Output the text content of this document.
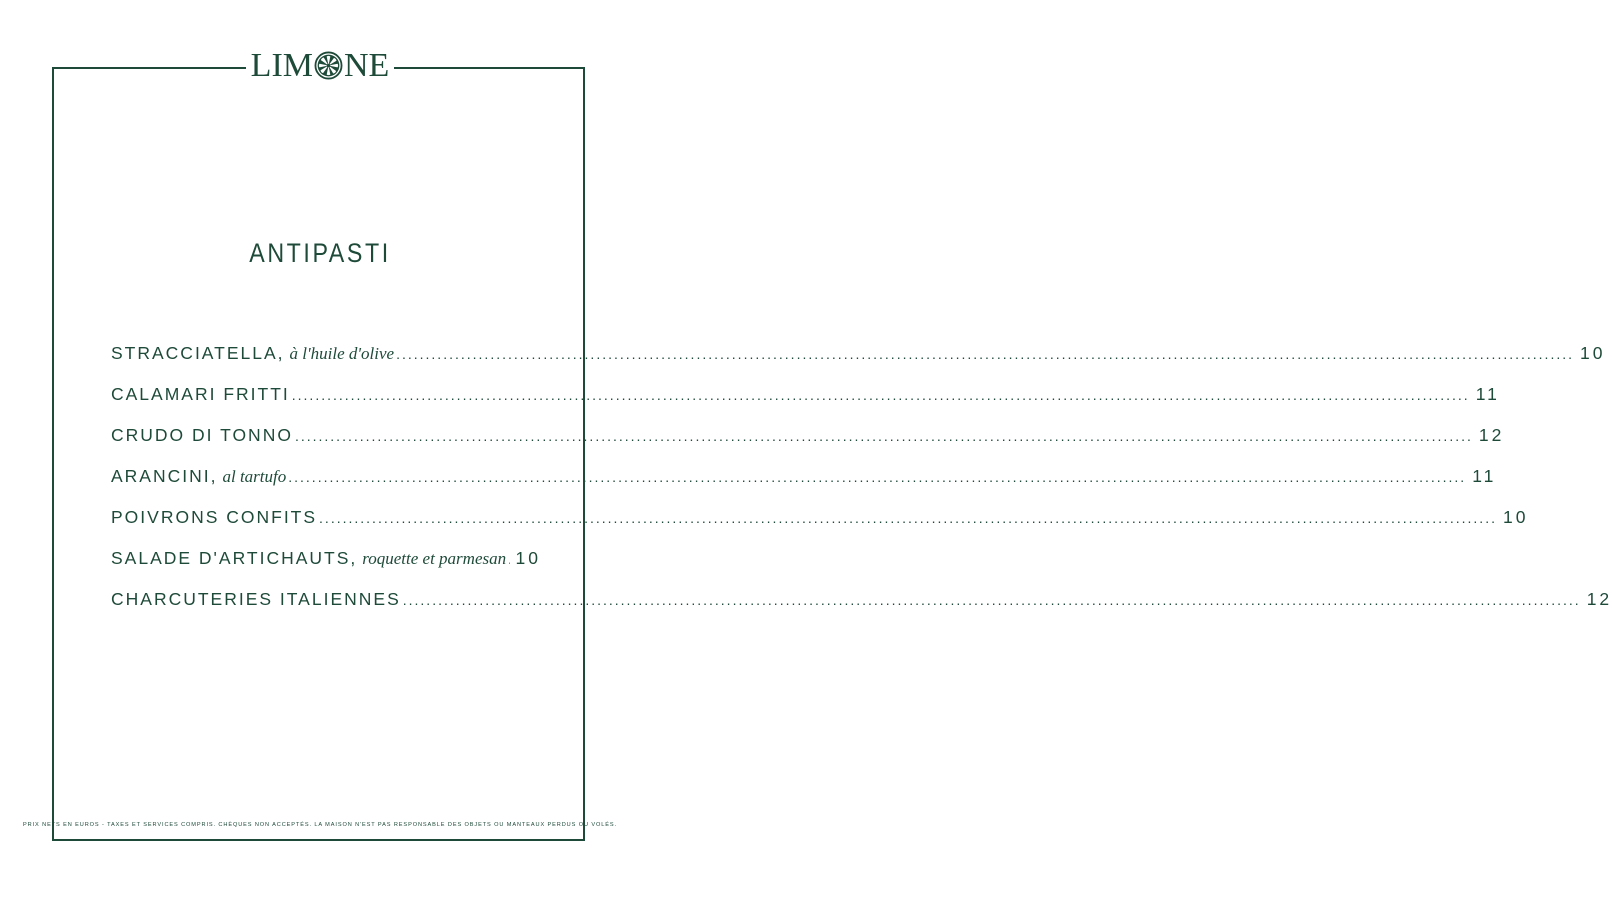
LIM NE
ANTIPASTI
STRACCIATELLA, à l'huile d'olive ........................................................................................................................................................................................................ 10
CALAMARI FRITTI ........................................................................................................................................................................................................ 11
CRUDO DI TONNO ........................................................................................................................................................................................................ 12
ARANCINI, al tartufo ........................................................................................................................................................................................................ 11
POIVRONS CONFITS ........................................................................................................................................................................................................ 10
SALADE D'ARTICHAUTS, roquette et parmesan 10
CHARCUTERIES ITALIENNES ........................................................................................................................................................................................................ 12
PRIX NETS EN EUROS - TAXES ET SERVICES COMPRIS. CHÈQUES NON ACCEPTÉS. LA MAISON N'EST PAS RESPONSABLE DES OBJETS OU MANTEAUX PERDUS OU VOLÉS.
